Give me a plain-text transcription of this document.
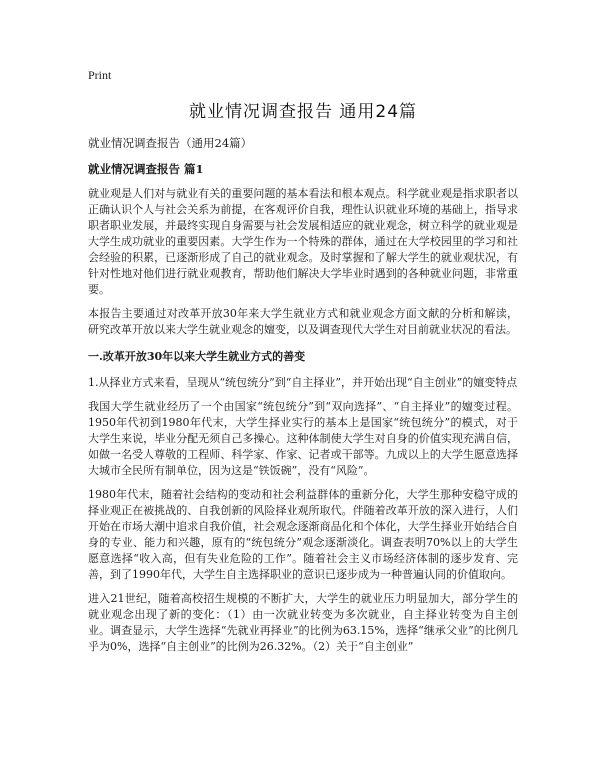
Print
就业情况调查报告 通用24篇
就业情况调查报告（通用24篇）
就业情况调查报告 篇1

就业观是人们对与就业有关的重要问题的基本看法和根本观点。科学就业观是指求职者以正确认识个人与社会关系为前提，在客观评价自我，理性认识就业环境的基础上，指导求职者职业发展，并最终实现自身需要与社会发展相适应的就业观念，树立科学的就业观是大学生成功就业的重要因素。大学生作为一个特殊的群体，通过在大学校园里的学习和社会经验的积累，已逐渐形成了自己的就业观念。及时掌握和了解大学生的就业观状况，有针对性地对他们进行就业观教育，帮助他们解决大学毕业时遇到的各种就业问题，非常重要。

本报告主要通过对改革开放30年来大学生就业方式和就业观念方面文献的分析和解读，研究改革开放以来大学生就业观念的嬗变，以及调查现代大学生对目前就业状况的看法。

一.改革开放30年以来大学生就业方式的善变
1.从择业方式来看，呈现从“统包统分”到“自主择业”，并开始出现“自主创业”的嬗变特点

我国大学生就业经历了一个由国家“统包统分”到“双向选择”、“自主择业”的嬗变过程。1950年代初到1980年代末，大学生择业实行的基本上是国家“统包统分”的模式，对于大学生来说，毕业分配无须自己多操心。这种体制使大学生对自身的价值实现充满自信，如做一名受人尊敬的工程师、科学家、作家、记者或干部等。九成以上的大学生愿意选择大城市全民所有制单位，因为这是“铁饭碗”，没有“风险”。

1980年代末，随着社会结构的变动和社会利益群体的重新分化，大学生那种安稳守成的择业观正在被挑战的、自我创新的风险择业观所取代。伴随着改革开放的深入进行，人们开始在市场大潮中追求自我价值，社会观念逐渐商品化和个体化，大学生择业开始结合自身的专业、能力和兴趣，原有的“统包统分”观念逐渐淡化。调查表明70%以上的大学生愿意选择“收入高，但有失业危险的工作”。随着社会主义市场经济体制的逐步发育、完善，到了1990年代，大学生自主选择职业的意识已逐步成为一种普遍认同的价值取向。

进入21世纪，随着高校招生规模的不断扩大，大学生的就业压力明显加大，部分学生的就业观念出现了新的变化：（1）由一次就业转变为多次就业，自主择业转变为自主创业。调查显示，大学生选择“先就业再择业”的比例为63.15%，选择“继承父业”的比例几乎为0%，选择“自主创业”的比例为26.32%。（2）关于“自主创业”
